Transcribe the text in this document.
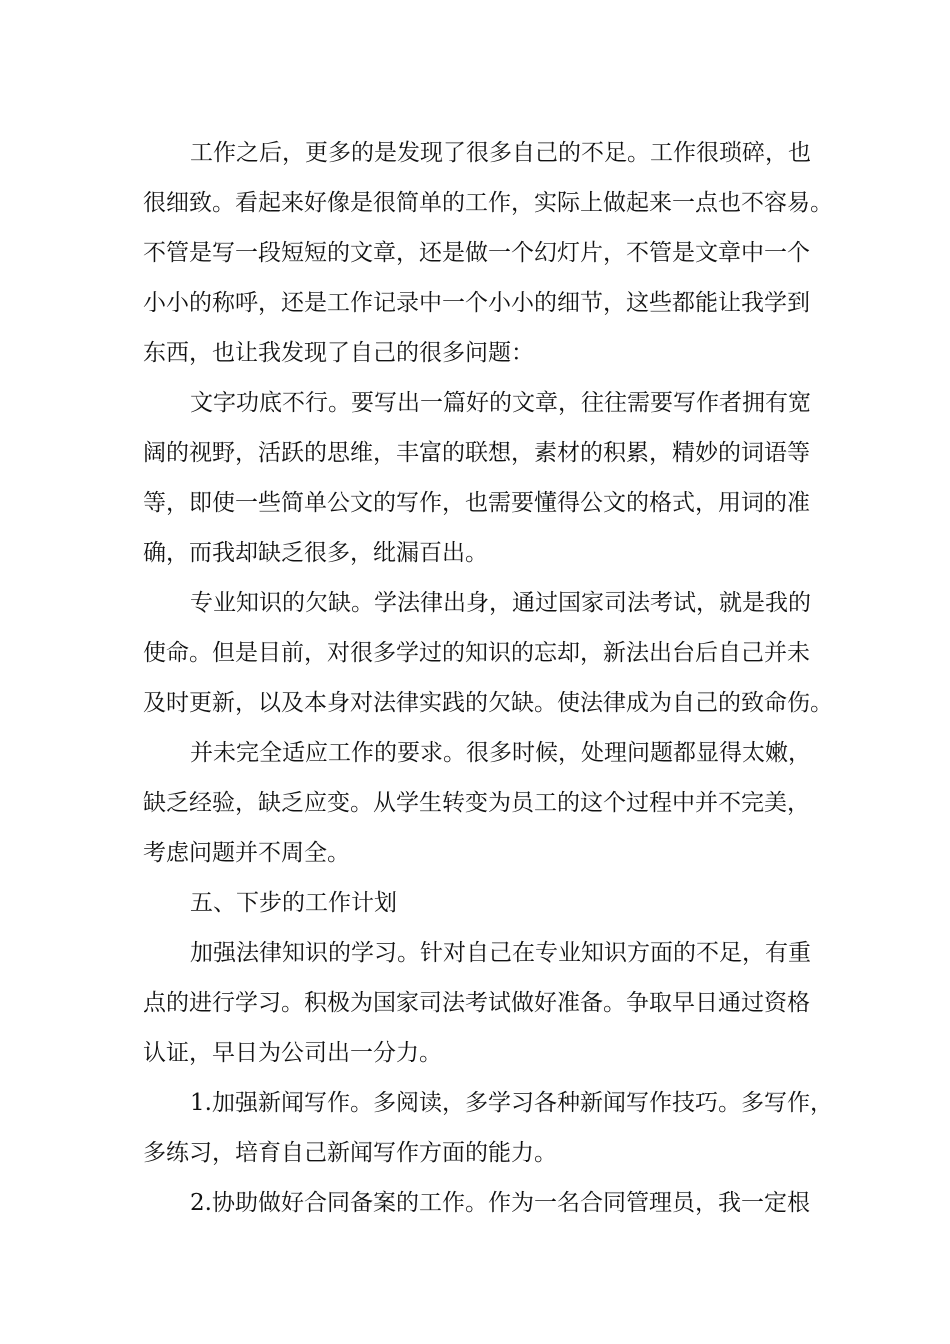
工作之后，更多的是发现了很多自己的不足。工作很琐碎，也
很细致。看起来好像是很简单的工作，实际上做起来一点也不容易。
不管是写一段短短的文章，还是做一个幻灯片，不管是文章中一个
小小的称呼，还是工作记录中一个小小的细节，这些都能让我学到
东西，也让我发现了自己的很多问题：
文字功底不行。要写出一篇好的文章，往往需要写作者拥有宽
阔的视野，活跃的思维，丰富的联想，素材的积累，精妙的词语等
等，即使一些简单公文的写作，也需要懂得公文的格式，用词的准
确，而我却缺乏很多，纰漏百出。
专业知识的欠缺。学法律出身，通过国家司法考试，就是我的
使命。但是目前，对很多学过的知识的忘却，新法出台后自己并未
及时更新，以及本身对法律实践的欠缺。使法律成为自己的致命伤。
并未完全适应工作的要求。很多时候，处理问题都显得太嫩，
缺乏经验，缺乏应变。从学生转变为员工的这个过程中并不完美，
考虑问题并不周全。
五、下步的工作计划
加强法律知识的学习。针对自己在专业知识方面的不足，有重
点的进行学习。积极为国家司法考试做好准备。争取早日通过资格
认证，早日为公司出一分力。
1.加强新闻写作。多阅读，多学习各种新闻写作技巧。多写作，
多练习，培育自己新闻写作方面的能力。
2.协助做好合同备案的工作。作为一名合同管理员，我一定根
